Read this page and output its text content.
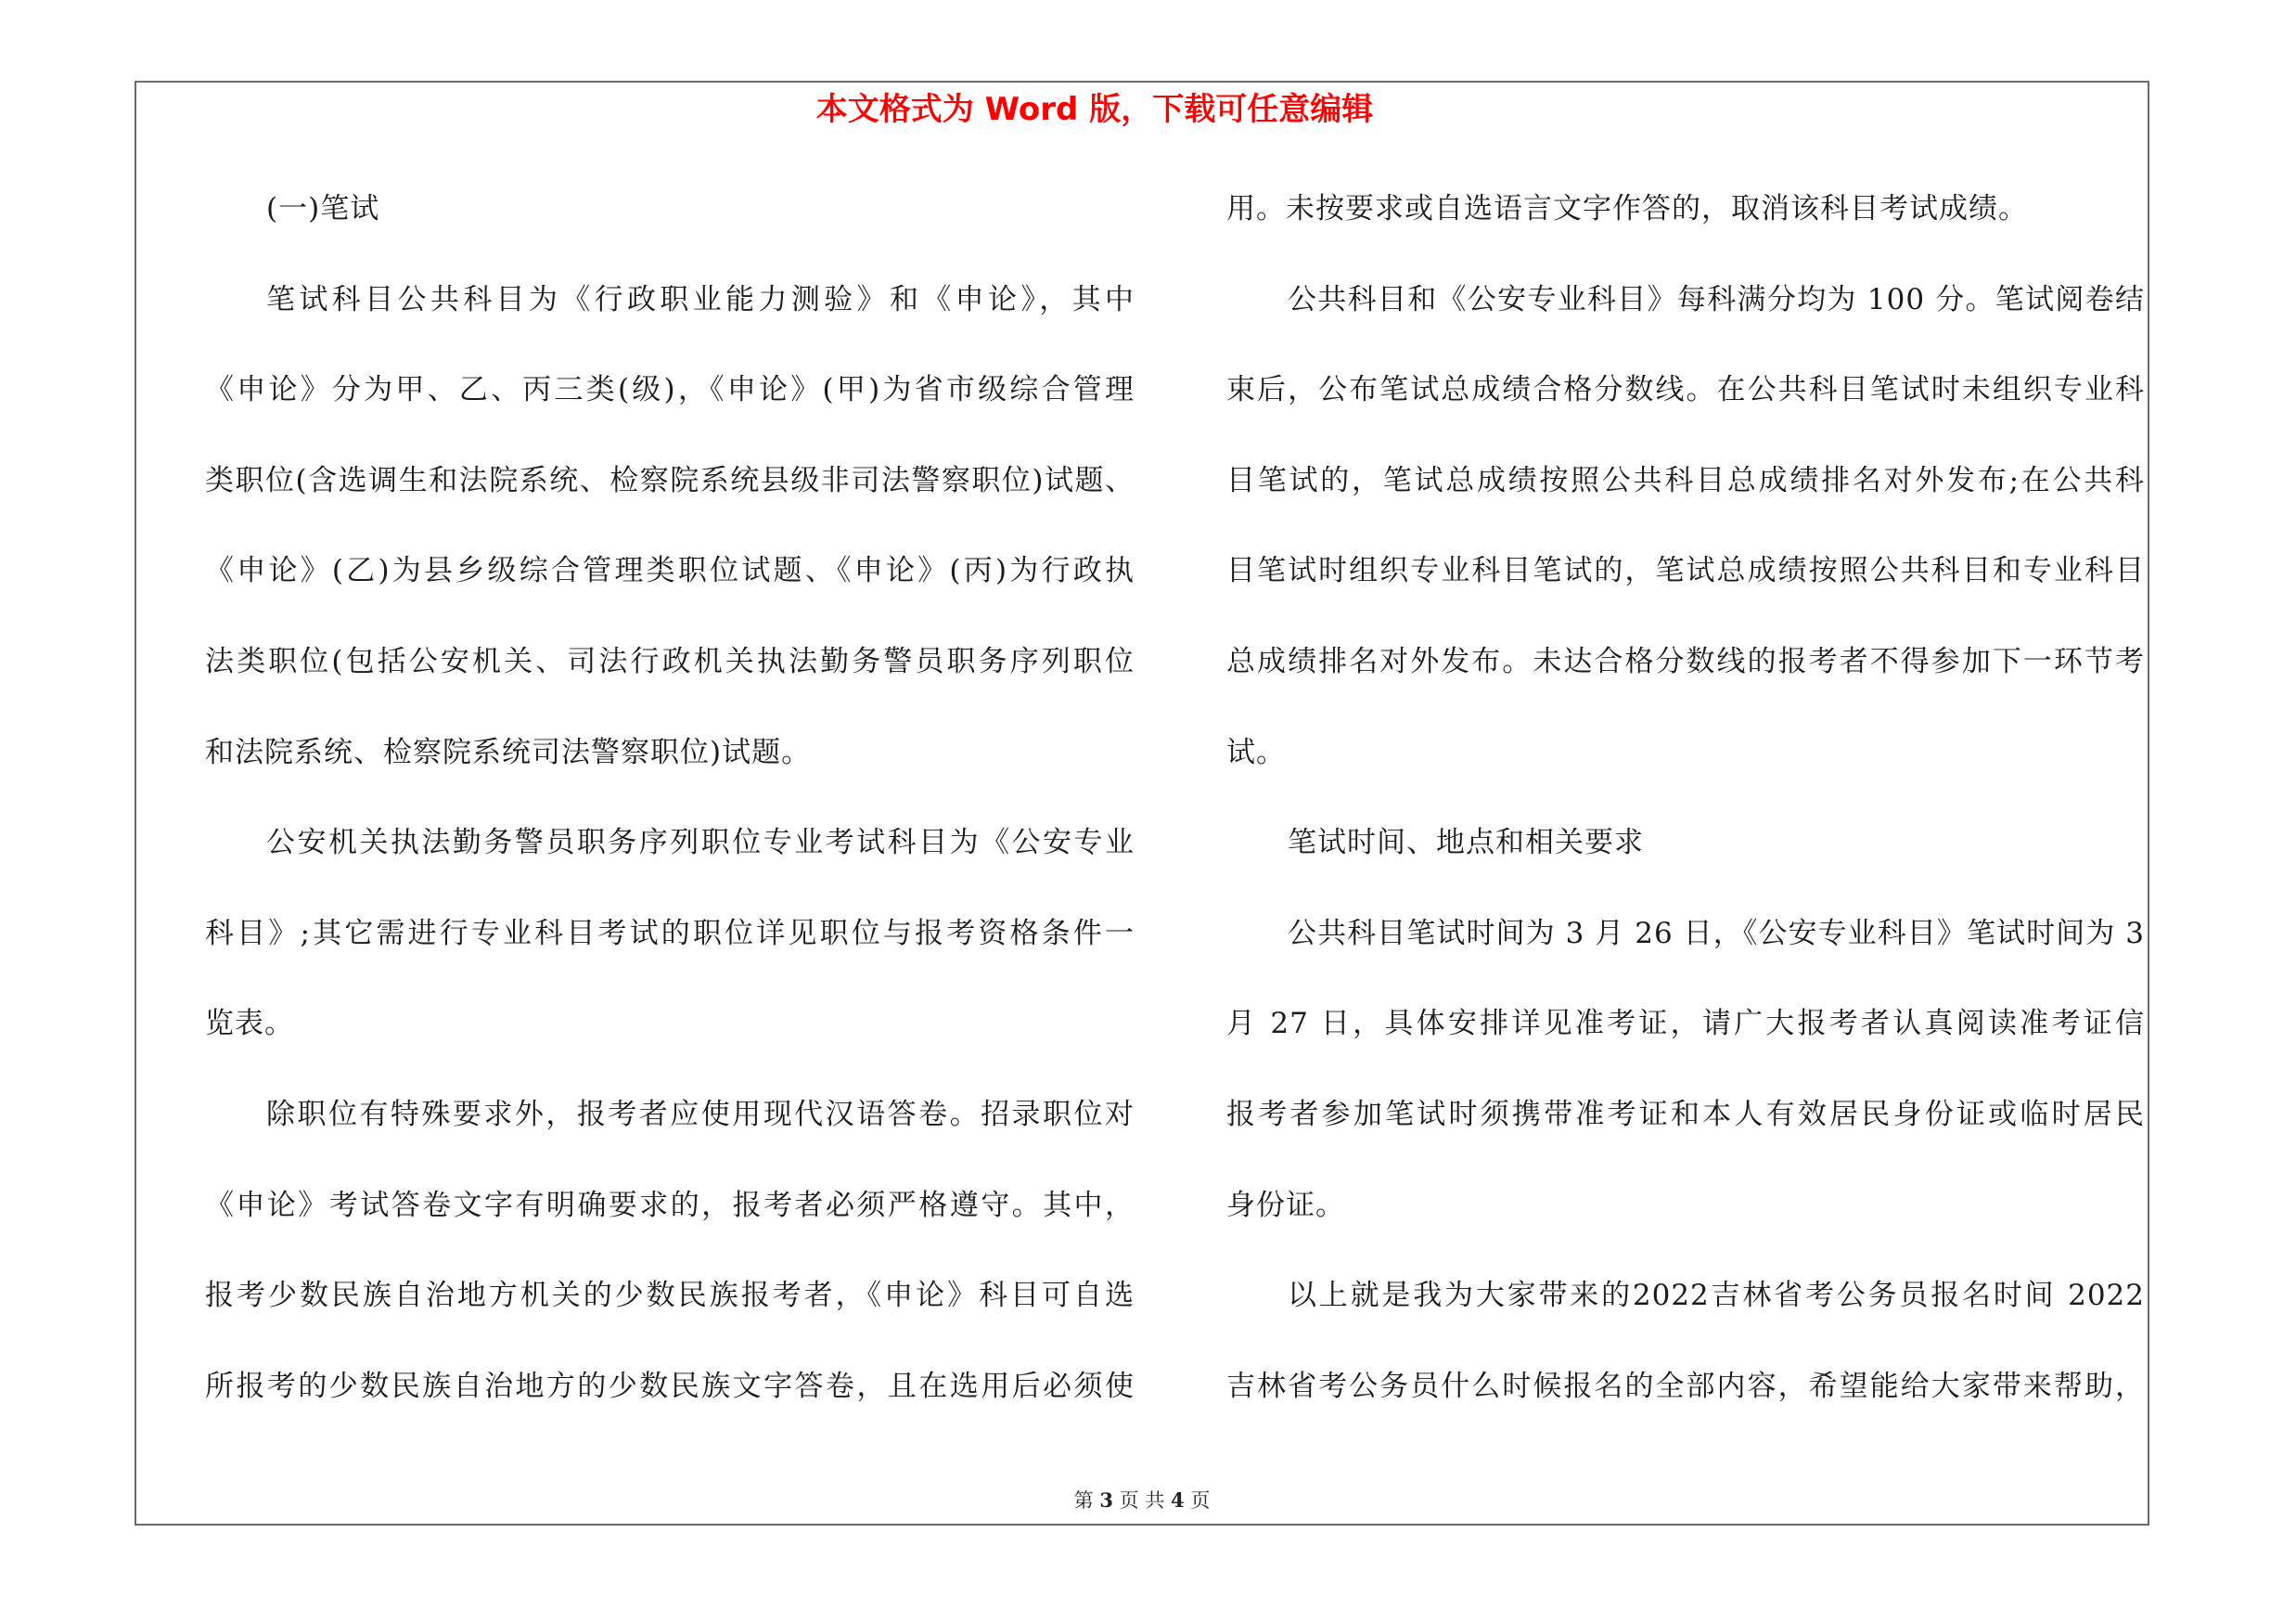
本文格式为 Word 版，下载可任意编辑
(一)笔试
笔试科目公共科目为《行政职业能力测验》和《申论》，其中
《申论》分为甲、乙、丙三类(级)，《申论》(甲)为省市级综合管理
类职位(含选调生和法院系统、检察院系统县级非司法警察职位)试题、
《申论》(乙)为县乡级综合管理类职位试题、《申论》(丙)为行政执
法类职位(包括公安机关、司法行政机关执法勤务警员职务序列职位
和法院系统、检察院系统司法警察职位)试题。
公安机关执法勤务警员职务序列职位专业考试科目为《公安专业
科目》;其它需进行专业科目考试的职位详见职位与报考资格条件一
览表。
除职位有特殊要求外，报考者应使用现代汉语答卷。招录职位对
《申论》考试答卷文字有明确要求的，报考者必须严格遵守。其中，
报考少数民族自治地方机关的少数民族报考者，《申论》科目可自选
所报考的少数民族自治地方的少数民族文字答卷，且在选用后必须使
用。未按要求或自选语言文字作答的，取消该科目考试成绩。
公共科目和《公安专业科目》每科满分均为 100 分。笔试阅卷结
束后，公布笔试总成绩合格分数线。在公共科目笔试时未组织专业科
目笔试的，笔试总成绩按照公共科目总成绩排名对外发布;在公共科
目笔试时组织专业科目笔试的，笔试总成绩按照公共科目和专业科目
总成绩排名对外发布。未达合格分数线的报考者不得参加下一环节考
试。
笔试时间、地点和相关要求
公共科目笔试时间为 3 月 26 日，《公安专业科目》笔试时间为 3
月 27 日，具体安排详见准考证，请广大报考者认真阅读准考证信
报考者参加笔试时须携带准考证和本人有效居民身份证或临时居民
身份证。
以上就是我为大家带来的2022吉林省考公务员报名时间 2022
吉林省考公务员什么时候报名的全部内容，希望能给大家带来帮助，
第 3 页 共 4 页
